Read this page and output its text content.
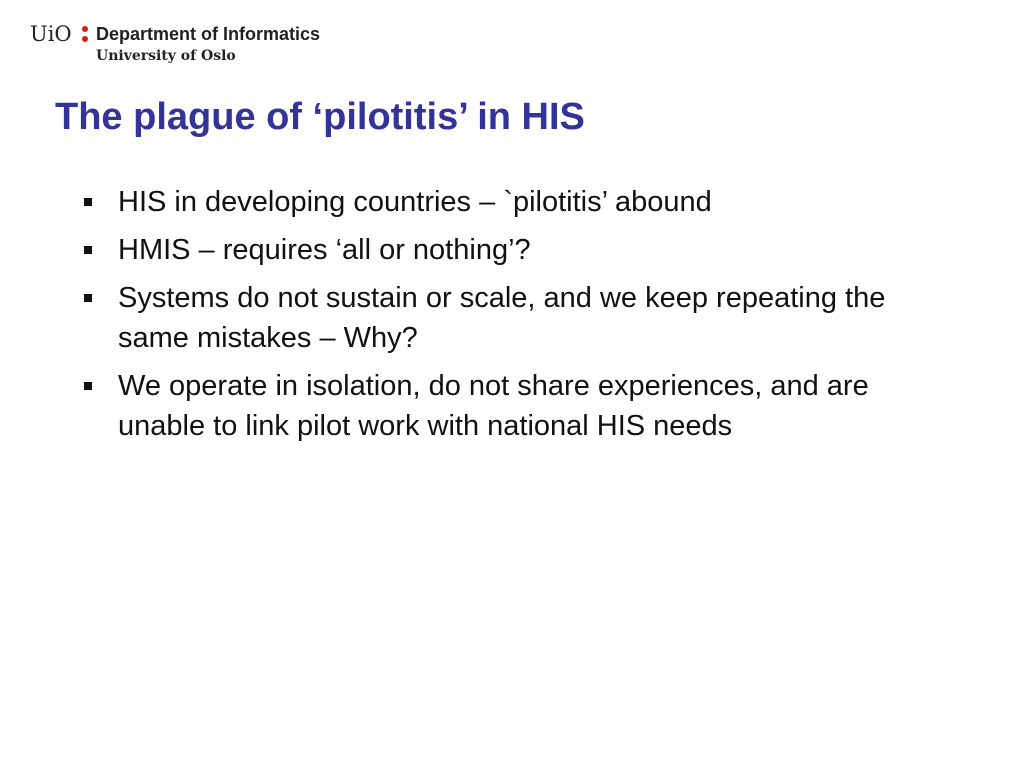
UiO Department of Informatics
University of Oslo
The plague of ‘pilotitis’ in HIS
HIS in developing countries – `pilotitis’ abound
HMIS – requires ‘all or nothing’?
Systems do not sustain or scale, and we keep repeating the same mistakes – Why?
We operate in isolation, do not share experiences, and are unable to link pilot work with national HIS needs
